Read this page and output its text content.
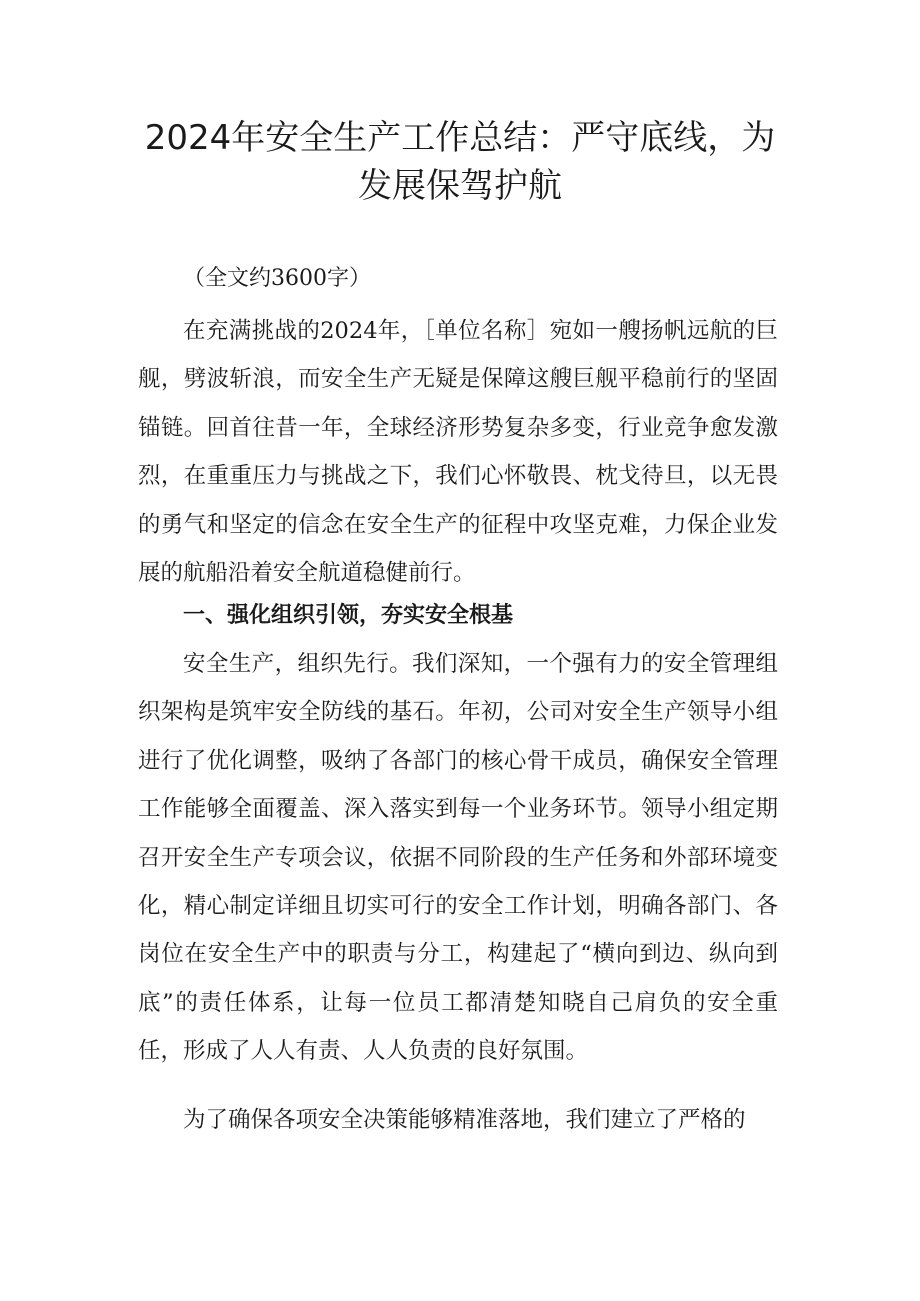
2024年安全生产工作总结：严守底线，为
发展保驾护航

（全文约3600字）

在充满挑战的2024年，［单位名称］宛如一艘扬帆远航的巨舰，劈波斩浪，而安全生产无疑是保障这艘巨舰平稳前行的坚固锚链。回首往昔一年，全球经济形势复杂多变，行业竞争愈发激烈，在重重压力与挑战之下，我们心怀敬畏、枕戈待旦，以无畏的勇气和坚定的信念在安全生产的征程中攻坚克难，力保企业发展的航船沿着安全航道稳健前行。

一、强化组织引领，夯实安全根基

安全生产，组织先行。我们深知，一个强有力的安全管理组织架构是筑牢安全防线的基石。年初，公司对安全生产领导小组进行了优化调整，吸纳了各部门的核心骨干成员，确保安全管理工作能够全面覆盖、深入落实到每一个业务环节。领导小组定期召开安全生产专项会议，依据不同阶段的生产任务和外部环境变化，精心制定详细且切实可行的安全工作计划，明确各部门、各岗位在安全生产中的职责与分工，构建起了“横向到边、纵向到底”的责任体系，让每一位员工都清楚知晓自己肩负的安全重任，形成了人人有责、人人负责的良好氛围。

为了确保各项安全决策能够精准落地，我们建立了严格的
